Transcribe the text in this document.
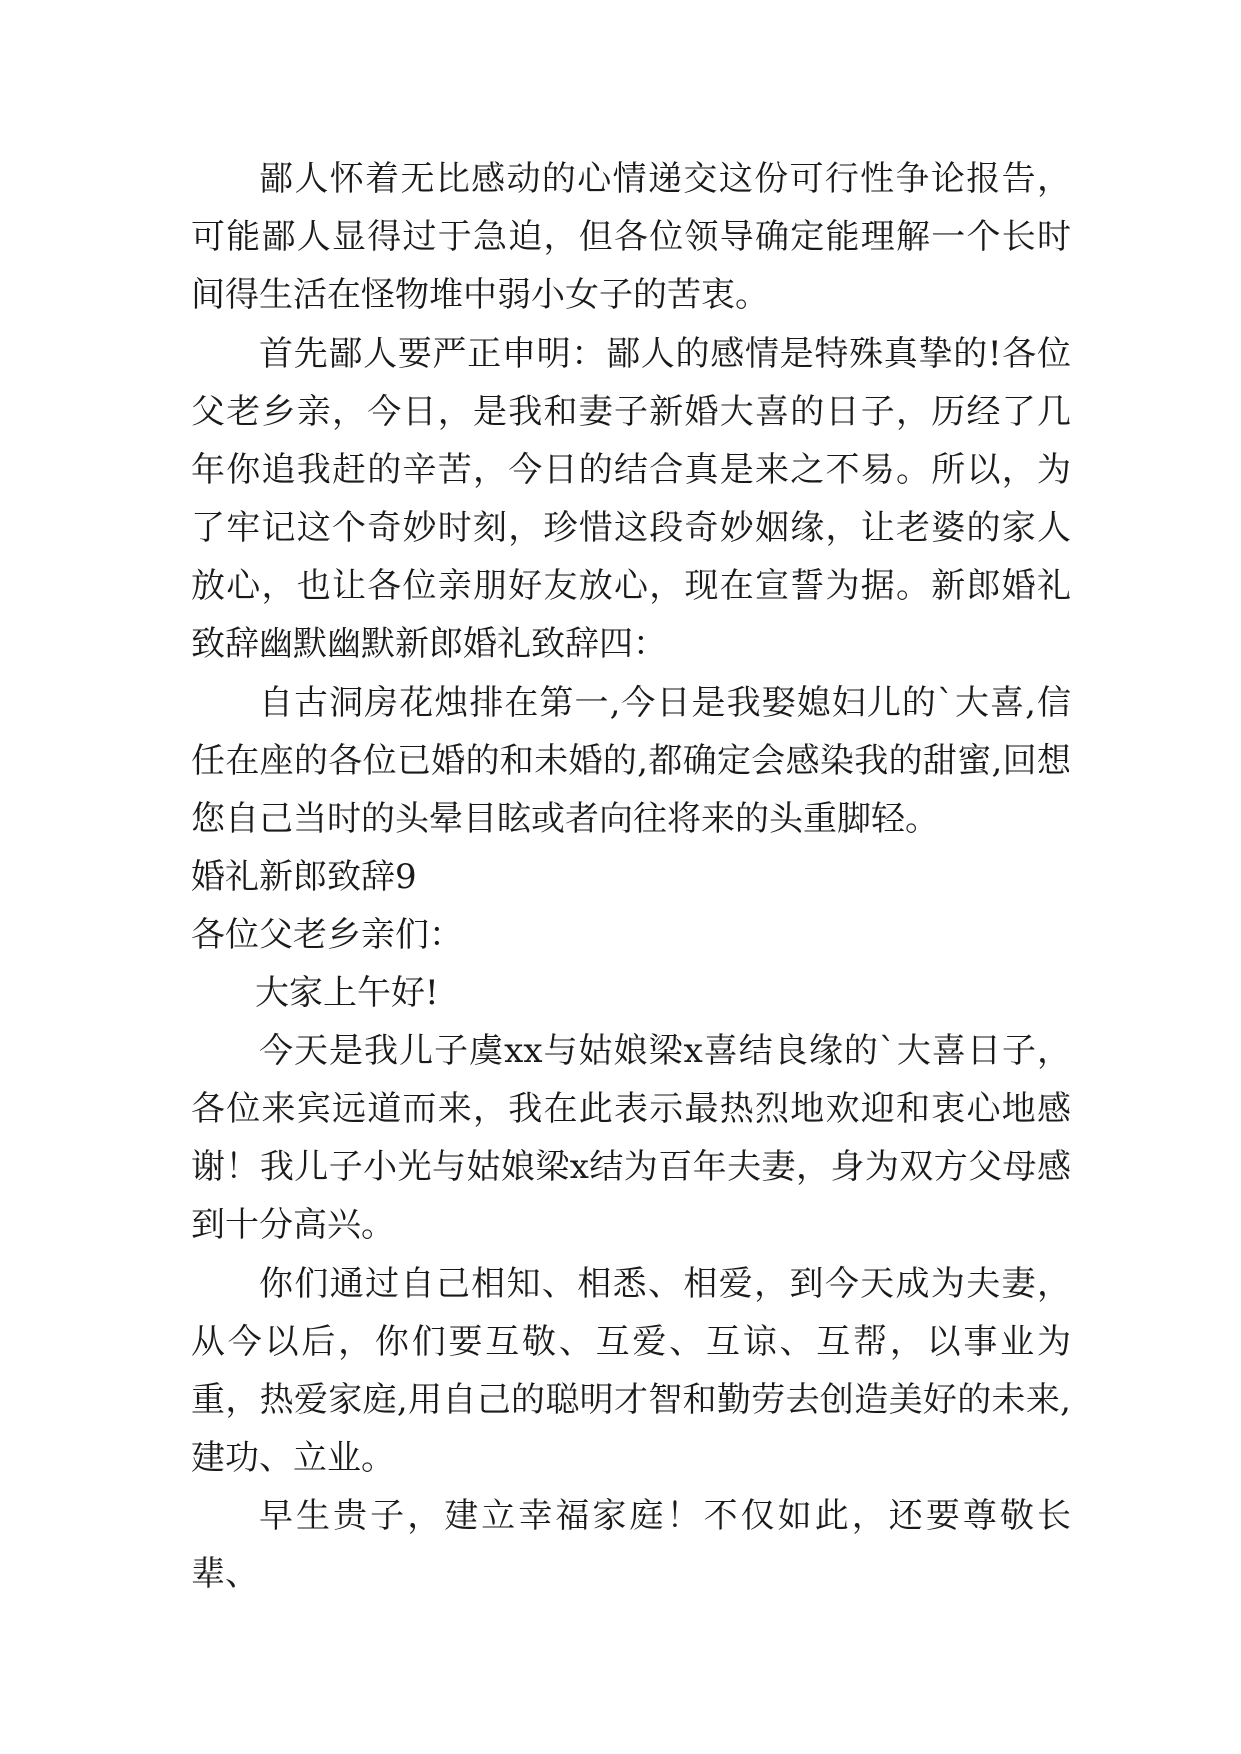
鄙人怀着无比感动的心情递交这份可行性争论报告，可能鄙人显得过于急迫，但各位领导确定能理解一个长时间得生活在怪物堆中弱小女子的苦衷。

首先鄙人要严正申明：鄙人的感情是特殊真挚的!各位父老乡亲，今日，是我和妻子新婚大喜的日子，历经了几年你追我赶的辛苦，今日的结合真是来之不易。所以，为了牢记这个奇妙时刻，珍惜这段奇妙姻缘，让老婆的家人放心，也让各位亲朋好友放心，现在宣誓为据。新郎婚礼致辞幽默幽默新郎婚礼致辞四：

自古洞房花烛排在第一,今日是我娶媳妇儿的`大喜,信任在座的各位已婚的和未婚的,都确定会感染我的甜蜜,回想您自己当时的头晕目眩或者向往将来的头重脚轻。

婚礼新郎致辞9

各位父老乡亲们：

大家上午好!

今天是我儿子虞xx与姑娘梁x喜结良缘的`大喜日子，各位来宾远道而来，我在此表示最热烈地欢迎和衷心地感谢！我儿子小光与姑娘梁x结为百年夫妻，身为双方父母感到十分高兴。

你们通过自己相知、相悉、相爱，到今天成为夫妻，从今以后，你们要互敬、互爱、互谅、互帮，以事业为重，热爱家庭,用自己的聪明才智和勤劳去创造美好的未来,建功、立业。

早生贵子，建立幸福家庭！不仅如此，还要尊敬长辈、
